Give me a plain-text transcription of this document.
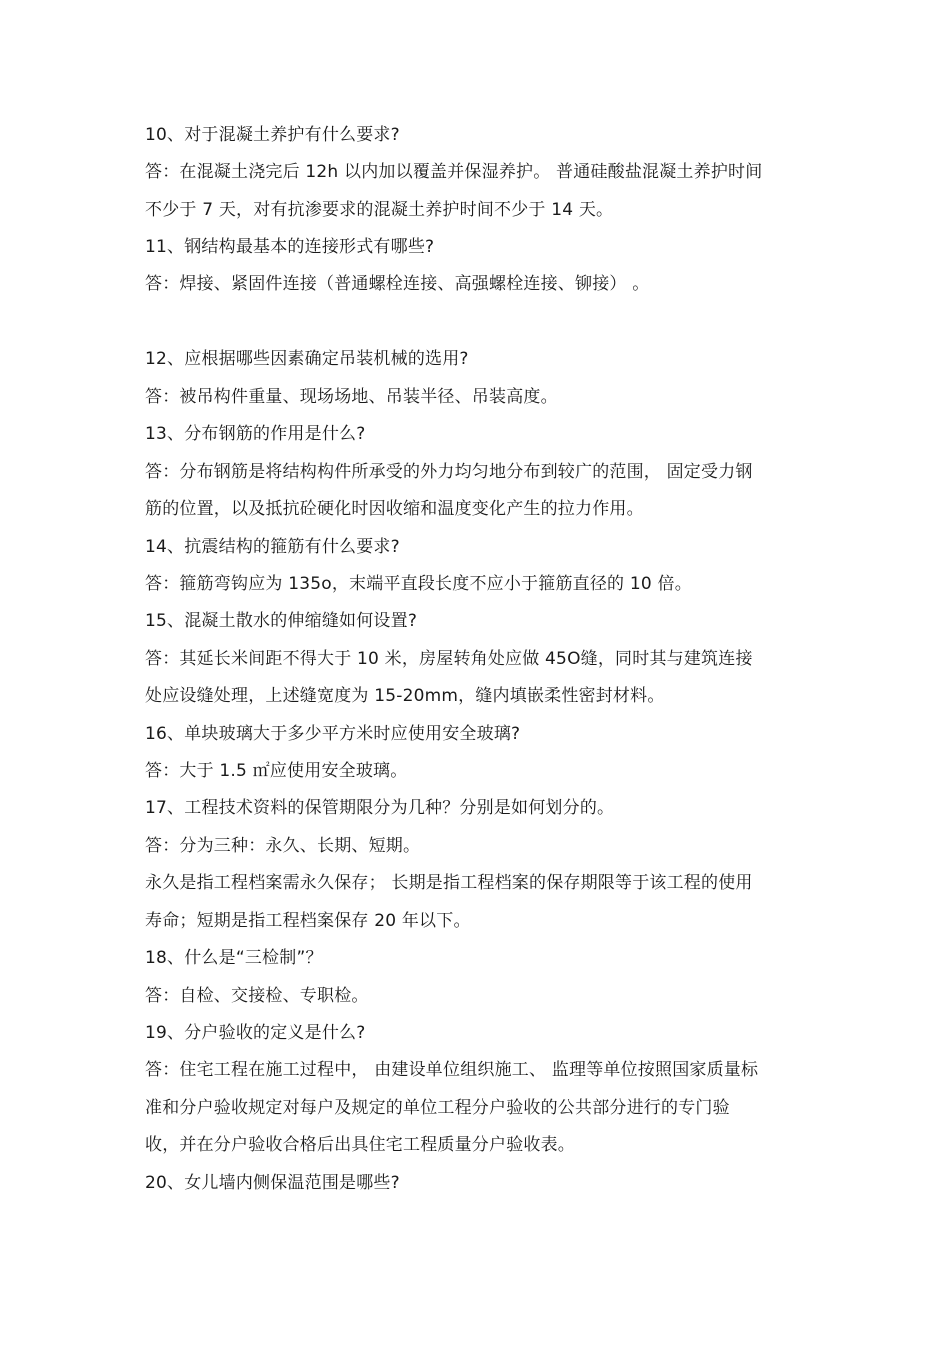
10、对于混凝土养护有什么要求?

答：在混凝土浇完后 12h 以内加以覆盖并保湿养护。 普通硅酸盐混凝土养护时间

不少于 7 天，对有抗渗要求的混凝土养护时间不少于 14 天。

11、钢结构最基本的连接形式有哪些?

答：焊接、紧固件连接（普通螺栓连接、高强螺栓连接、铆接） 。

12、应根据哪些因素确定吊装机械的选用?

答：被吊构件重量、现场场地、吊装半径、吊装高度。

13、分布钢筋的作用是什么?

答：分布钢筋是将结构构件所承受的外力均匀地分布到较广的范围， 固定受力钢

筋的位置，以及抵抗砼硬化时因收缩和温度变化产生的拉力作用。

14、抗震结构的箍筋有什么要求?

答：箍筋弯钩应为 135ο，末端平直段长度不应小于箍筋直径的 10 倍。

15、混凝土散水的伸缩缝如何设置?

答：其延长米间距不得大于 10 米，房屋转角处应做 45Ο缝，同时其与建筑连接

处应设缝处理，上述缝宽度为 15-20mm，缝内填嵌柔性密封材料。

16、单块玻璃大于多少平方米时应使用安全玻璃?

答：大于 1.5 ㎡应使用安全玻璃。

17、工程技术资料的保管期限分为几种？分别是如何划分的。

答：分为三种：永久、长期、短期。

永久是指工程档案需永久保存； 长期是指工程档案的保存期限等于该工程的使用

寿命；短期是指工程档案保存 20 年以下。

18、什么是“三检制”？

答：自检、交接检、专职检。

19、分户验收的定义是什么?

答：住宅工程在施工过程中， 由建设单位组织施工、 监理等单位按照国家质量标

准和分户验收规定对每户及规定的单位工程分户验收的公共部分进行的专门验

收，并在分户验收合格后出具住宅工程质量分户验收表。

20、女儿墙内侧保温范围是哪些?
